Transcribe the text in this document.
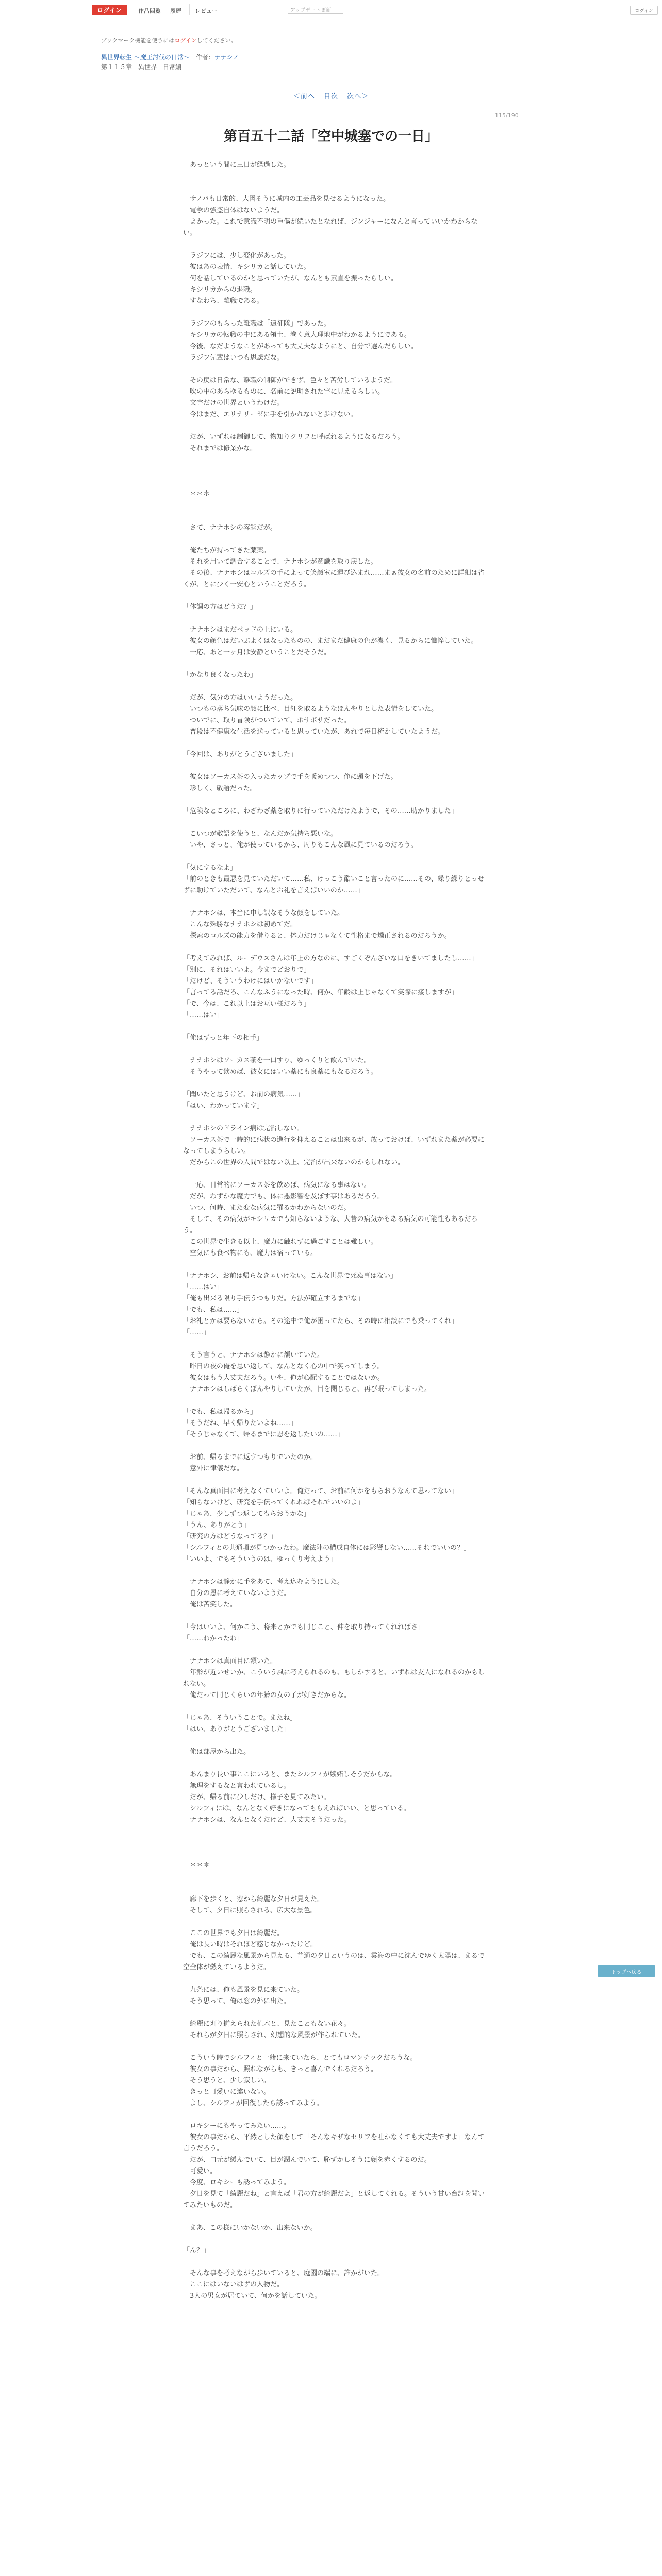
ログイン	作品閲覧 履歴 レビュー	アップデート更新	ログイン
ブックマーク機能を使うにはログインしてください。
異世界転生 〜魔王討伐の日常〜　 作者：ナナシノ
第１１５章　異世界　日常編
＜前へ 目次 次へ＞
115/190
第百五十二話「空中城塞での一日」

　あっという間に三日が経過した。

　サノバも日常的、大図そうに城内の工芸品を見せるようになった。
　電撃の強盗自体はないようだ。
　よかった。これで意識不明の重傷が続いたとなれば、ジンジャーになんと言っていいかわからない。

　ラジフには、少し変化があった。
　彼はあの表情、キシリカと話していた。
　何を話しているのかと思っていたが、なんとも素直を振ったらしい。
　キシリカからの退職。
　すなわち、離職である。

　ラジフのもらった離職は「遠征隊」であった。
　キシリカの転職の中にある領土、巻く意大理地中がわかるようにである。
　今後、なだようなことがあっても大丈夫なようにと、自分で選んだらしい。
　ラジフ先輩はいつも思慮だな。

　その戻は日常な、離職の制御ができず、色々と苦労しているようだ。
　吹の中のあらゆるものに、名前に説明された字に見えるらしい。
　文字だけの世界というわけだ。
　今はまだ、エリナリーゼに手を引かれないと歩けない。

　だが、いずれは制御して、物知りクリフと呼ばれるようになるだろう。
　それまでは修業かな。

　＊＊＊

　さて、ナナホシの容態だが。

　俺たちが持ってきた薬薬。
　それを用いて調合することで、ナナホシが意識を取り戻した。
　その後、ナナホシはコルズの手によって笑顔室に運び込まれ……まぁ彼女の名前のために詳細は省くが、とに少く一安心ということだろう。

「体調の方はどうだ？」

　ナナホシはまだベッドの上にいる。
　彼女の顔色はだいぶよくはなったものの、まだまだ健康の色が濃く、見るからに憔悴していた。
　一応、あと一ヶ月は安静ということだそうだ。

「かなり良くなったわ」

　だが、気分の方はいいようだった。
　いつもの落ち気味の顔に比べ、目紅を取るようなほんやりとした表情をしていた。
　ついでに、取り冒険がついていて、ポサポサだった。
　普段は不健康な生活を送っていると思っていたが、あれで毎日梳かしていたようだ。

「今回は、ありがとうございました」

　彼女はソーカス茶の入ったカップで手を暖めつつ、俺に頭を下げた。
　珍しく、敬語だった。

「危険なところに、わざわざ薬を取りに行っていただけたようで、その……助かりました」

　こいつが敬語を使うと、なんだか気持ち悪いな。
　いや、さっと、俺が使っているから、周りもこんな風に見ているのだろう。

「気にするなよ」
「前のときも最悪を見ていただいて……私、けっこう酷いこと言ったのに……その、繰り繰りとっせずに助けていただいて、なんとお礼を言えばいいのか……」

　ナナホシは、本当に申し訳なそうな顔をしていた。
　こんな殊勝なナナホシは初めてだ。
　探索のコルズの能力を借りると、体力だけじゃなくて性格まで矯正されるのだろうか。

「考えてみれば、ルーデウスさんは年上の方なのに、すごくぞんざいな口をきいてましたし……」
「別に、それはいいよ。今までどおりで」
「だけど、そういうわけにはいかないです」
「言ってる話だろ、こんなふうになった時、何か、年齢は上じゃなくて実際に接しますが」
「で、今は、これ以上はお互い様だろう」
「……はい」

「俺はずっと年下の相手」

　ナナホシはソーカス茶を一口すり、ゆっくりと飲んでいた。
　そうやって飲めば、彼女にはいい薬にも良薬にもなるだろう。

「聞いたと思うけど、お前の病気……」
「はい、わかっています」

　ナナホシのドライン病は完治しない。
　ソーカス茶で一時的に病状の進行を抑えることは出来るが、放っておけば、いずれまた薬が必要になってしまうらしい。
　だからこの世界の人間ではない以上、完治が出来ないのかもしれない。

　一応、日常的にソーカス茶を飲めば、病気になる事はない。
　だが、わずかな魔力でも、体に悪影響を及ぼす事はあるだろう。
　いつ、何時、また変な病気に罹るかわからないのだ。
　そして、その病気がキシリカでも知らないような、大昔の病気かもある病気の可能性もあるだろう。
　この世界で生きる以上、魔力に触れずに過ごすことは難しい。
　空気にも食べ物にも、魔力は宿っている。

「ナナホシ、お前は帰らなきゃいけない。こんな世界で死ぬ事はない」
「……はい」
「俺も出来る限り手伝うつもりだ。方法が確立するまでな」
「でも、私は……」
「お礼とかは要らないから。その途中で俺が困ってたら、その時に相談にでも乗ってくれ」
「……」

　そう言うと、ナナホシは静かに頷いていた。
　昨日の夜の俺を思い返して、なんとなく心の中で笑ってしまう。
　彼女はもう大丈夫だろう。いや、俺が心配することではないか。
　ナナホシはしばらくぼんやりしていたが、目を閉じると、再び眠ってしまった。

「でも、私は帰るから」
「そうだね、早く帰りたいよね……」
「そうじゃなくて、帰るまでに恩を返したいの……」

　お前、帰るまでに返すつもりでいたのか。
　意外に律儀だな。

「そんな真面目に考えなくていいよ。俺だって、お前に何かをもらおうなんて思ってない」
「知らないけど、研究を手伝ってくれればそれでいいのよ」
「じゃあ、少しずつ返してもらおうかな」
「うん、ありがとう」
「研究の方はどうなってる？」
「シルフィとの共通項が見つかったわ。魔法陣の構成自体には影響しない……それでいいの？」
「いいよ、でもそういうのは、ゆっくり考えよう」

　ナナホシは静かに手をあて、考え込むようにした。
　自分の恩に考えていないようだ。
　俺は苦笑した。

「今はいいよ、何かこう、将来とかでも同じこと、仲を取り持ってくれればさ」
「……わかったわ」

　ナナホシは真面目に頷いた。
　年齢が近いせいか、こういう風に考えられるのも、もしかすると、いずれは友人になれるのかもしれない。
　俺だって同じくらいの年齢の女の子が好きだからな。

「じゃあ、そういうことで。またね」
「はい、ありがとうございました」

　俺は部屋から出た。

　あんまり長い事ここにいると、またシルフィが嫉妬しそうだからな。
　無理をするなと言われているし。
　だが、帰る前に少しだけ、様子を見てみたい。
　シルフィには、なんとなく好きになってもらえればいい、と思っている。
　ナナホシは、なんとなくだけど、大丈夫そうだった。

　＊＊＊

　廊下を歩くと、窓から綺麗な夕日が見えた。
　そして、夕日に照らされる、広大な景色。

　ここの世界でも夕日は綺麗だ。
　俺は長い時はそれほど感じなかったけど。
　でも、この綺麗な風景から見える、普通の夕日というのは、雲海の中に沈んでゆく太陽は、まるで空全体が燃えているようだ。

　九条には、俺も風景を見に来ていた。
　そう思って、俺は窓の外に出た。

　綺麗に刈り揃えられた植木と、見たこともない花々。
　それらが夕日に照らされ、幻想的な風景が作られていた。

　こういう時でシルフィと一緒に来ていたら、とてもロマンチックだろうな。
　彼女の事だから、照れながらも、きっと喜んでくれるだろう。
　そう思うと、少し寂しい。
　きっと可愛いに違いない。
　よし、シルフィが回復したら誘ってみよう。

　ロキシーにもやってみたい……。
　彼女の事だから、平然とした顔をして「そんなキザなセリフを吐かなくても大丈夫ですよ」なんて言うだろう。
　だが、口元が緩んでいて、目が潤んでいて、恥ずかしそうに顔を赤くするのだ。
　可愛い。
　今度、ロキシーも誘ってみよう。
　夕日を見て「綺麗だね」と言えば「君の方が綺麗だよ」と返してくれる。そういう甘い台詞を聞いてみたいものだ。

　まあ、この様にいかないか、出来ないか。

「ん？」

　そんな事を考えながら歩いていると、庭園の端に、誰かがいた。
　ここにはいないはずの人物だ。
　3人の男女が居ていて、何かを話していた。

トップへ戻る
